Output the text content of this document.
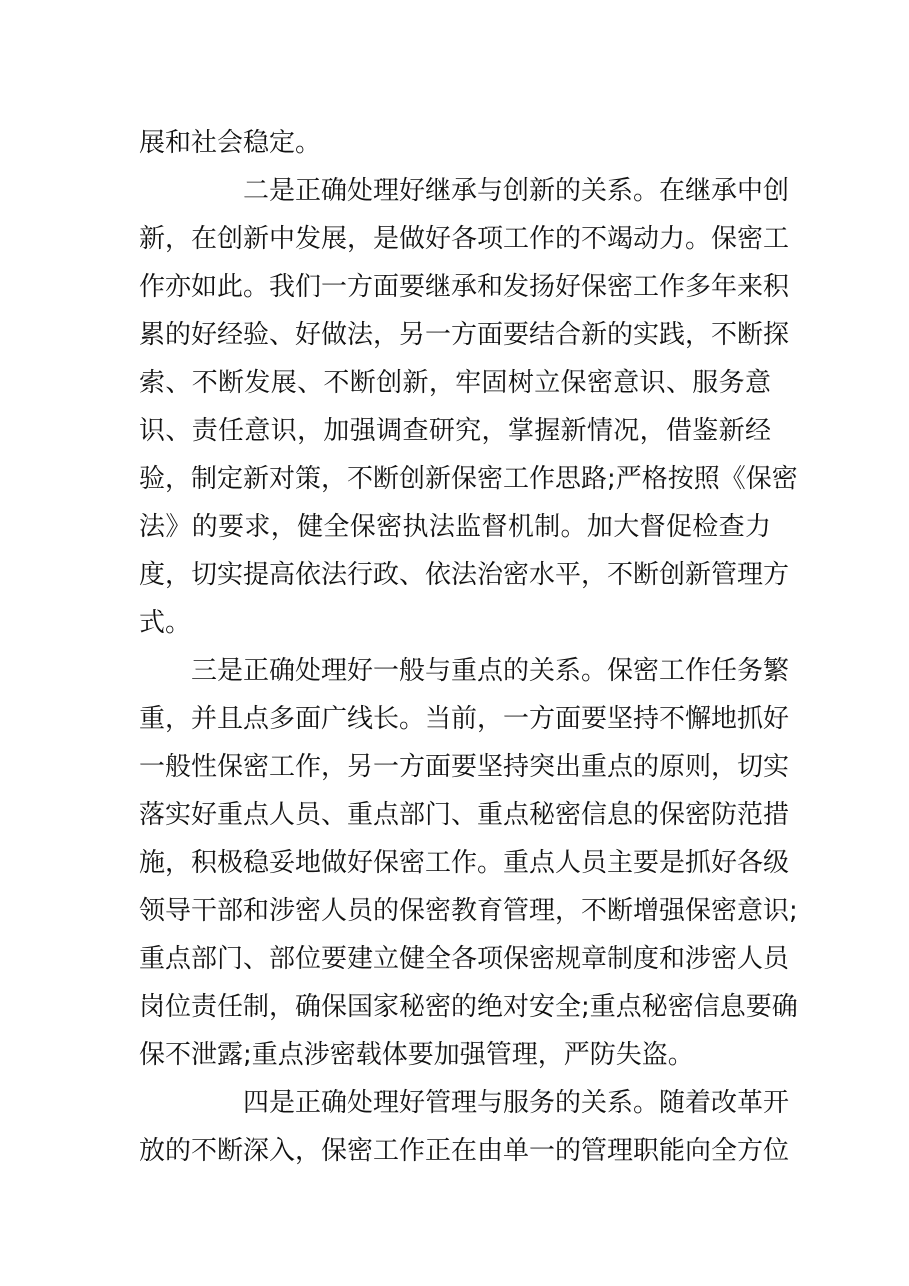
展和社会稳定。
二是正确处理好继承与创新的关系。在继承中创
新，在创新中发展，是做好各项工作的不竭动力。保密工
作亦如此。我们一方面要继承和发扬好保密工作多年来积
累的好经验、好做法，另一方面要结合新的实践，不断探
索、不断发展、不断创新，牢固树立保密意识、服务意
识、责任意识，加强调查研究，掌握新情况，借鉴新经
验，制定新对策，不断创新保密工作思路;严格按照《保密
法》的要求，健全保密执法监督机制。加大督促检查力
度，切实提高依法行政、依法治密水平，不断创新管理方
式。
三是正确处理好一般与重点的关系。保密工作任务繁
重，并且点多面广线长。当前，一方面要坚持不懈地抓好
一般性保密工作，另一方面要坚持突出重点的原则，切实
落实好重点人员、重点部门、重点秘密信息的保密防范措
施，积极稳妥地做好保密工作。重点人员主要是抓好各级
领导干部和涉密人员的保密教育管理，不断增强保密意识;
重点部门、部位要建立健全各项保密规章制度和涉密人员
岗位责任制，确保国家秘密的绝对安全;重点秘密信息要确
保不泄露;重点涉密载体要加强管理，严防失盗。
四是正确处理好管理与服务的关系。随着改革开
放的不断深入，保密工作正在由单一的管理职能向全方位
